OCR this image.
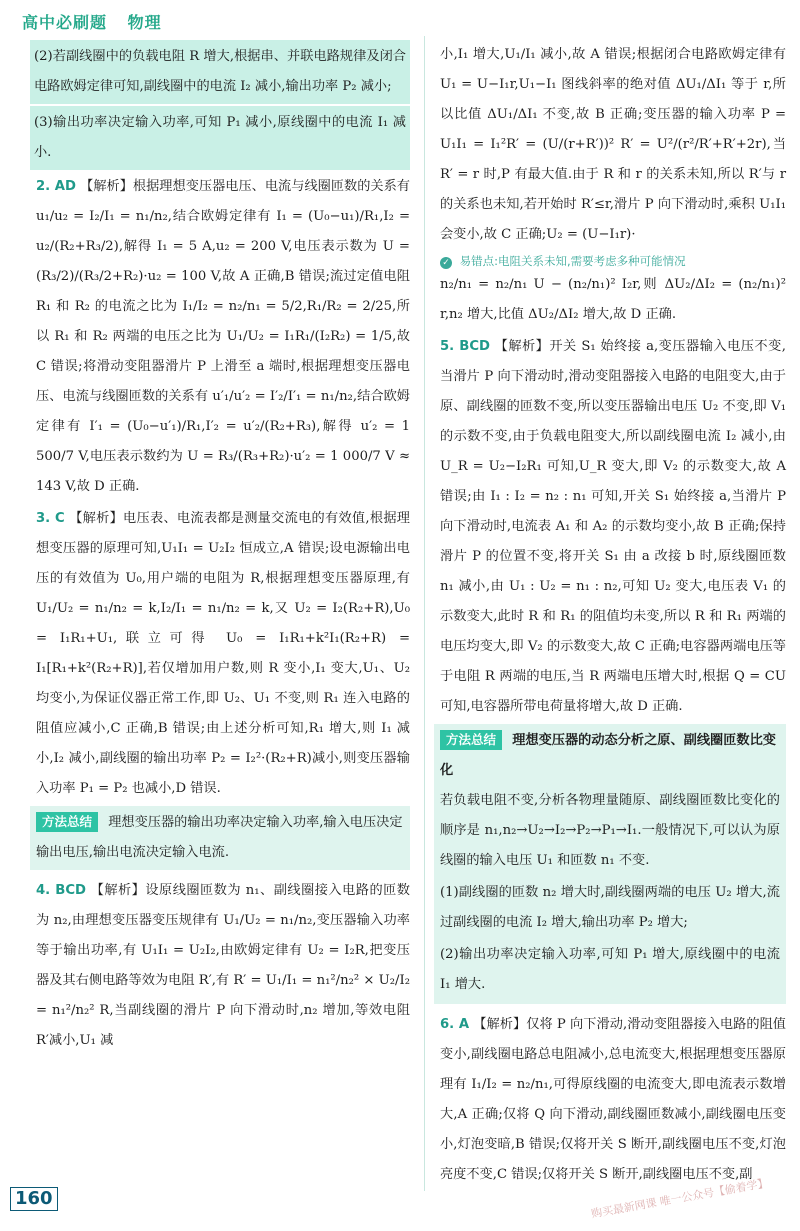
高中必刷题 物理

(2)若副线圈中的负载电阻 R 增大,根据串、并联电路规律及闭合电路欧姆定律可知,副线圈中的电流 I₂ 减小,输出功率 P₂ 减小;

(3)输出功率决定输入功率,可知 P₁ 减小,原线圈中的电流 I₁ 减小.

2. AD 【解析】根据理想变压器电压、电流与线圈匝数的关系有 u₁/u₂ = I₂/I₁ = n₁/n₂,结合欧姆定律有 I₁ = (U₀−u₁)/R₁,I₂ = u₂/(R₂+R₃/2),解得 I₁ = 5 A,u₂ = 200 V,电压表示数为 U = (R₃/2)/(R₃/2+R₂)·u₂ = 100 V,故 A 正确,B 错误;流过定值电阻 R₁ 和 R₂ 的电流之比为 I₁/I₂ = n₂/n₁ = 5/2,R₁/R₂ = 2/25,所以 R₁ 和 R₂ 两端的电压之比为 U₁/U₂ = I₁R₁/(I₂R₂) = 1/5,故 C 错误;将滑动变阻器滑片 P 上滑至 a 端时,根据理想变压器电压、电流与线圈匝数的关系有 u′₁/u′₂ = I′₂/I′₁ = n₁/n₂,结合欧姆定律有 I′₁ = (U₀−u′₁)/R₁,I′₂ = u′₂/(R₂+R₃),解得 u′₂ = 1 500/7 V,电压表示数约为 U = R₃/(R₃+R₂)·u′₂ = 1 000/7 V ≈ 143 V,故 D 正确.

3. C 【解析】电压表、电流表都是测量交流电的有效值,根据理想变压器的原理可知,U₁I₁ = U₂I₂ 恒成立,A 错误;设电源输出电压的有效值为 U₀,用户端的电阻为 R,根据理想变压器原理,有 U₁/U₂ = n₁/n₂ = k,I₂/I₁ = n₁/n₂ = k,又 U₂ = I₂(R₂+R),U₀ = I₁R₁+U₁,联立可得 U₀ = I₁R₁+k²I₁(R₂+R) = I₁[R₁+k²(R₂+R)],若仅增加用户数,则 R 变小,I₁ 变大,U₁、U₂ 均变小,为保证仪器正常工作,即 U₂、U₁ 不变,则 R₁ 连入电路的阻值应减小,C 正确,B 错误;由上述分析可知,R₁ 增大,则 I₁ 减小,I₂ 减小,副线圈的输出功率 P₂ = I₂²·(R₂+R)减小,则变压器输入功率 P₁ = P₂ 也减小,D 错误.

方法总结 理想变压器的输出功率决定输入功率,输入电压决定输出电压,输出电流决定输入电流.

4. BCD 【解析】设原线圈匝数为 n₁、副线圈接入电路的匝数为 n₂,由理想变压器变压规律有 U₁/U₂ = n₁/n₂,变压器输入功率等于输出功率,有 U₁I₁ = U₂I₂,由欧姆定律有 U₂ = I₂R,把变压器及其右侧电路等效为电阻 R′,有 R′ = U₁/I₁ = n₁²/n₂² × U₂/I₂ = n₁²/n₂² R,当副线圈的滑片 P 向下滑动时,n₂ 增加,等效电阻 R′减小,U₁ 减

小,I₁ 增大,U₁/I₁ 减小,故 A 错误;根据闭合电路欧姆定律有 U₁ = U−I₁r,U₁−I₁ 图线斜率的绝对值 ΔU₁/ΔI₁ 等于 r,所以比值 ΔU₁/ΔI₁ 不变,故 B 正确;变压器的输入功率 P = U₁I₁ = I₁²R′ = (U/(r+R′))² R′ = U²/(r²/R′+R′+2r),当 R′ = r 时,P 有最大值.由于 R 和 r 的关系未知,所以 R′与 r 的关系也未知,若开始时 R′≤r,滑片 P 向下滑动时,乘积 U₁I₁ 会变小,故 C 正确;U₂ = (U−I₁r)·

✓ 易错点:电阻关系未知,需要考虑多种可能情况

n₂/n₁ = n₂/n₁ U − (n₂/n₁)² I₂r,则 ΔU₂/ΔI₂ = (n₂/n₁)² r,n₂ 增大,比值 ΔU₂/ΔI₂ 增大,故 D 正确.

5. BCD 【解析】开关 S₁ 始终接 a,变压器输入电压不变,当滑片 P 向下滑动时,滑动变阻器接入电路的电阻变大,由于原、副线圈的匝数不变,所以变压器输出电压 U₂ 不变,即 V₁ 的示数不变,由于负载电阻变大,所以副线圈电流 I₂ 减小,由 U_R = U₂−I₂R₁ 可知,U_R 变大,即 V₂ 的示数变大,故 A 错误;由 I₁ : I₂ = n₂ : n₁ 可知,开关 S₁ 始终接 a,当滑片 P 向下滑动时,电流表 A₁ 和 A₂ 的示数均变小,故 B 正确;保持滑片 P 的位置不变,将开关 S₁ 由 a 改接 b 时,原线圈匝数 n₁ 减小,由 U₁ : U₂ = n₁ : n₂,可知 U₂ 变大,电压表 V₁ 的示数变大,此时 R 和 R₁ 的阻值均未变,所以 R 和 R₁ 两端的电压均变大,即 V₂ 的示数变大,故 C 正确;电容器两端电压等于电阻 R 两端的电压,当 R 两端电压增大时,根据 Q = CU 可知,电容器所带电荷量将增大,故 D 正确.

方法总结 理想变压器的动态分析之原、副线圈匝数比变化

若负载电阻不变,分析各物理量随原、副线圈匝数比变化的顺序是 n₁,n₂→U₂→I₂→P₂→P₁→I₁.一般情况下,可以认为原线圈的输入电压 U₁ 和匝数 n₁ 不变.

(1)副线圈的匝数 n₂ 增大时,副线圈两端的电压 U₂ 增大,流过副线圈的电流 I₂ 增大,输出功率 P₂ 增大;

(2)输出功率决定输入功率,可知 P₁ 增大,原线圈中的电流 I₁ 增大.

6. A 【解析】仅将 P 向下滑动,滑动变阻器接入电路的阻值变小,副线圈电路总电阻减小,总电流变大,根据理想变压器原理有 I₁/I₂ = n₂/n₁,可得原线圈的电流变大,即电流表示数增大,A 正确;仅将 Q 向下滑动,副线圈匝数减小,副线圈电压变小,灯泡变暗,B 错误;仅将开关 S 断开,副线圈电压不变,灯泡亮度不变,C 错误;仅将开关 S 断开,副线圈电压不变,副

160	购买最新网课 唯一公众号【偷着学】
